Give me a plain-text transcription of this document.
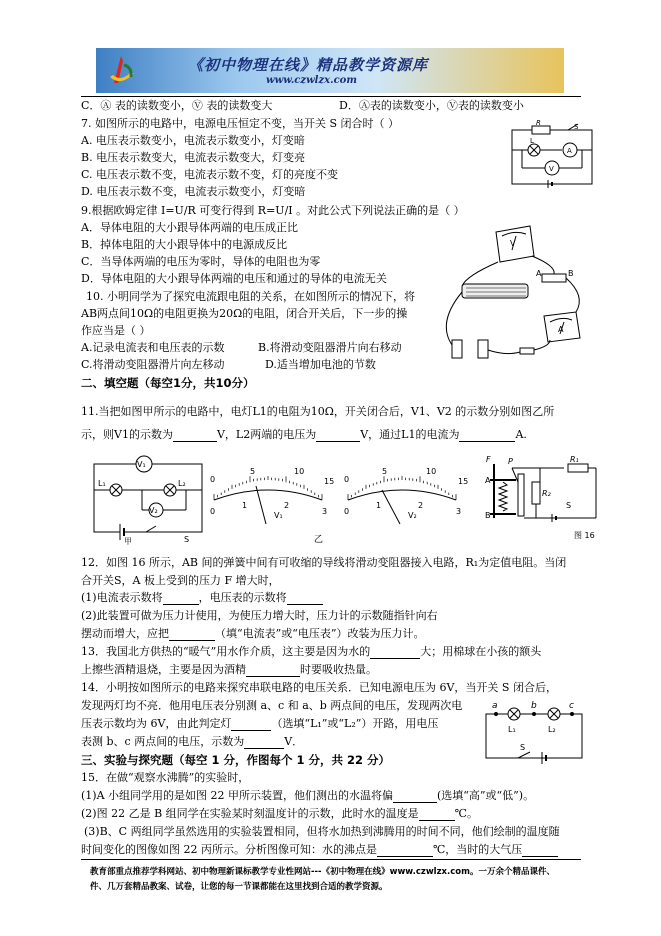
《初中物理在线》精品教学资源库
www.czwlzx.com
C．Ⓐ 表的读数变小，Ⓥ 表的读数变大	D．Ⓐ表的读数变小，Ⓥ表的读数变小
7. 如图所示的电路中，电源电压恒定不变，当开关 S 闭合时（ ）
A. 电压表示数变小，电流表示数变小，灯变暗
B. 电压表示数变大，电流表示数变大，灯变亮
C. 电压表示数不变，电流表示数不变，灯的亮度不变
D. 电压表示数不变，电流表示数变小，灯变暗
9.根据欧姆定律 I=U/R 可变行得到 R=U/I 。对此公式下列说法正确的是（ ）
A．导体电阻的大小跟导体两端的电压成正比
B．掉体电阻的大小跟导体中的电源成反比
C．当导体两端的电压为零时，导体的电阻也为零
D．导体电阻的大小跟导体两端的电压和通过的导体的电流无关
10. 小明同学为了探究电流跟电阻的关系，在如图所示的情况下，将
AB两点间10Ω的电阻更换为20Ω的电阻，闭合开关后，下一步的操
作应当是（ ）
A.记录电流表和电压表的示数	B.将滑动变阻器滑片向右移动
C.将滑动变阻器滑片向左移动	D.适当增加电池的节数
二、填空题（每空1分，共10分）
11.当把如图甲所示的电路中，电灯L1的电阻为10Ω，开关闭合后，V1、V2 的示数分别如图乙所
示，则V1的示数为	V，L2两端的电压为	V，通过L1的电流为	A.
V₁
V₂
L₁	L₂
S
甲
0
5	10
15
0
1	2
3
V₁
0
5	10
15
0
1	2
3
V₂
乙
F P
A
B
R₁
R₂
S
图 16
12．如图 16 所示，AB 间的弹簧中间有可收缩的导线将滑动变阻器接入电路，R₁为定值电阻。当闭
合开关S，A 板上受到的压力 F 增大时，
(1)电流表示数将	，电压表的示数将
(2)此装置可做为压力计使用，为使压力增大时，压力计的示数随指针向右
摆动而增大，应把	（填“电流表”或“电压表”）改装为压力计。
13．我国北方供热的“暖气”用水作介质，这主要是因为水的	大；用棉球在小孩的额头
上擦些酒精退烧，主要是因为酒精	时要吸收热量。
14．小明按如图所示的电路来探究串联电路的电压关系．已知电源电压为 6V，当开关 S 闭合后，
发现两灯均不亮．他用电压表分别测 a、c 和 a、b 两点间的电压，发现两次电
压表示数均为 6V，由此判定灯	（选填“L₁”或“L₂”）开路，用电压
表测 b、c 两点间的电压，示数为	V．
三、实验与探究题（每空 1 分，作图每个 1 分，共 22 分）
15．在做“观察水沸腾”的实验时，
(1)A 小组同学用的是如图 22 甲所示装置，他们测出的水温将偏	(选填“高”或“低”)。
(2)图 22 乙是 B 组同学在实验某时刻温度计的示数，此时水的温度是	℃。
(3)B、C 两组同学虽然选用的实验装置相同，但将水加热到沸腾用的时间不同，他们绘制的温度随
时间变化的图像如图 22 丙所示。分析图像可知：水的沸点是	℃，当时的大气压
R	S
L
A
V
V
A
A	B
a	b	c
L₁	L₂
S
教育部重点推荐学科网站、初中物理新课标教学专业性网站---《初中物理在线》www.czwlzx.com。一万余个精品课件、
件、几万套精品教案、试卷，让您的每一节课都能在这里找到合适的教学资源。
